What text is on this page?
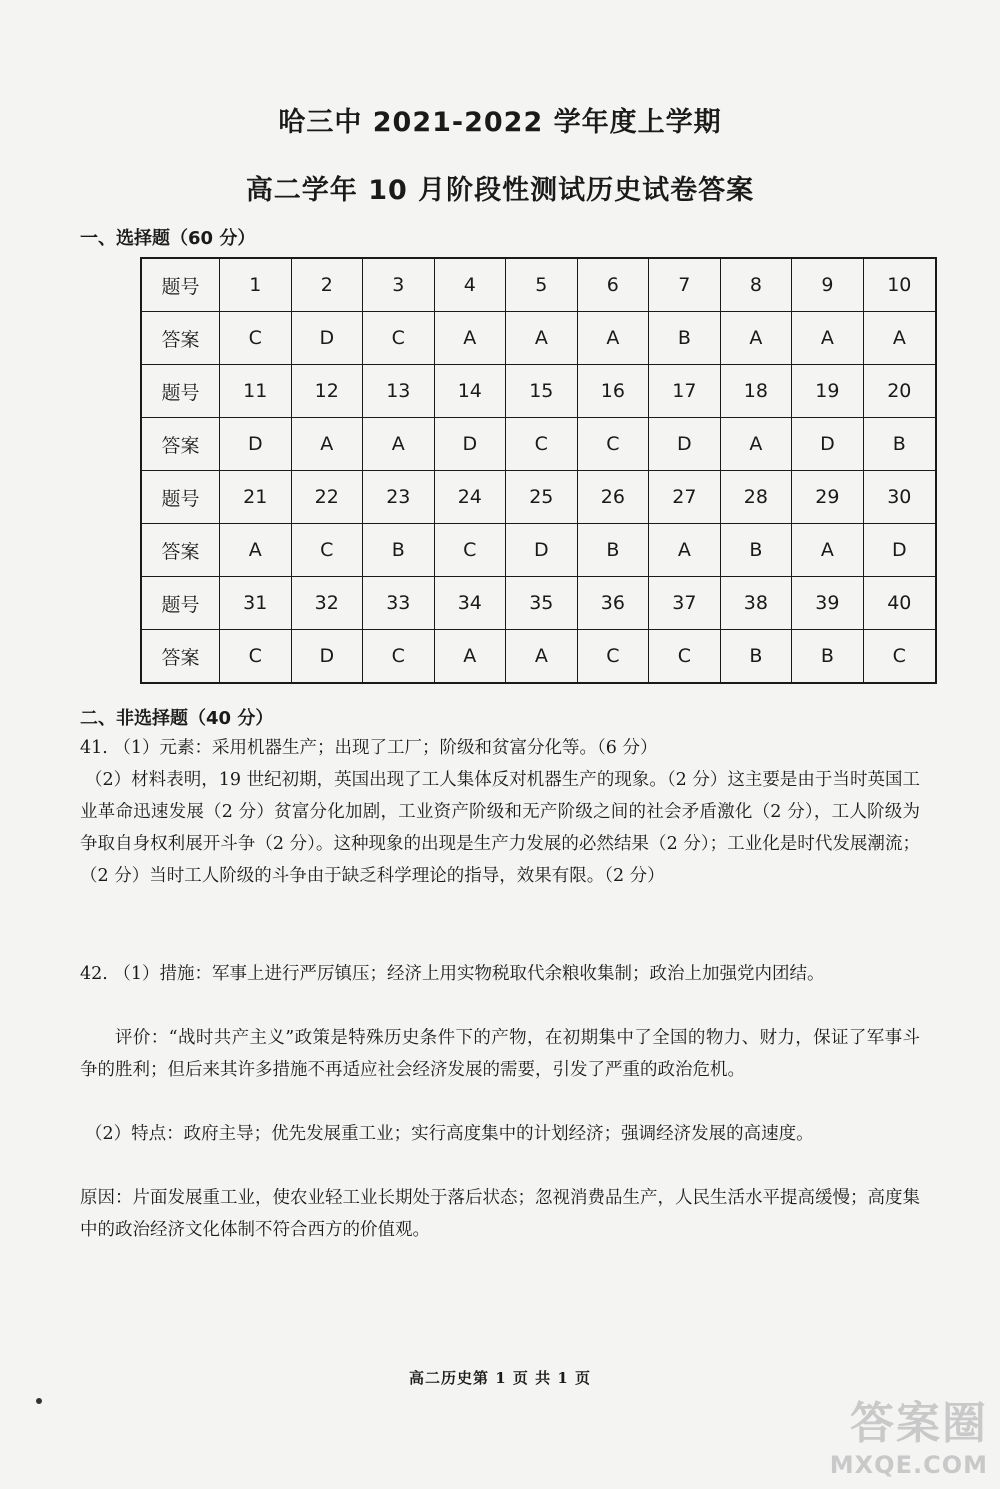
哈三中 2021-2022 学年度上学期
高二学年 10 月阶段性测试历史试卷答案
一、选择题（60 分）
题号	1	2	3	4	5	6	7	8	9	10
答案	C	D	C	A	A	A	B	A	A	A
题号	11	12	13	14	15	16	17	18	19	20
答案	D	A	A	D	C	C	D	A	D	B
题号	21	22	23	24	25	26	27	28	29	30
答案	A	C	B	C	D	B	A	B	A	D
题号	31	32	33	34	35	36	37	38	39	40
答案	C	D	C	A	A	C	C	B	B	C
二、非选择题（40 分）
41. （1）元素：采用机器生产；出现了工厂；阶级和贫富分化等。（6 分）
（2）材料表明，19 世纪初期，英国出现了工人集体反对机器生产的现象。（2 分）这主要是由于当时英国工业革命迅速发展（2 分）贫富分化加剧，工业资产阶级和无产阶级之间的社会矛盾激化（2 分），工人阶级为争取自身权利展开斗争（2 分）。这种现象的出现是生产力发展的必然结果（2 分）；工业化是时代发展潮流；（2 分）当时工人阶级的斗争由于缺乏科学理论的指导，效果有限。（2 分）
42. （1）措施：军事上进行严厉镇压；经济上用实物税取代余粮收集制；政治上加强党内团结。
评价：“战时共产主义”政策是特殊历史条件下的产物，在初期集中了全国的物力、财力，保证了军事斗争的胜利；但后来其许多措施不再适应社会经济发展的需要，引发了严重的政治危机。
（2）特点：政府主导；优先发展重工业；实行高度集中的计划经济；强调经济发展的高速度。
原因：片面发展重工业，使农业轻工业长期处于落后状态；忽视消费品生产，人民生活水平提高缓慢；高度集中的政治经济文化体制不符合西方的价值观。
高二历史第 1 页 共 1 页
答案圈
MXQE.COM
